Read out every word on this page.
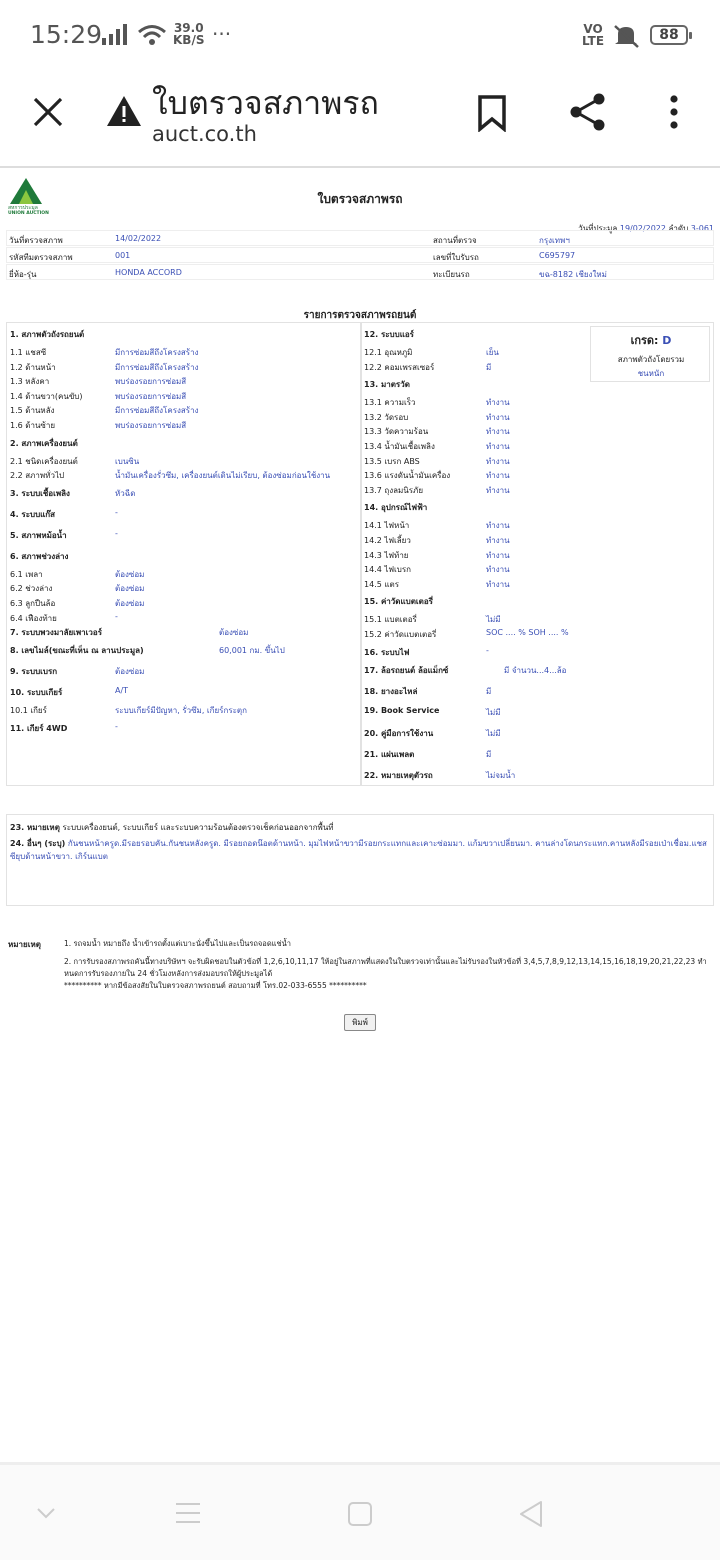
15:29	39.0
KB/S ···	VO
LTE	88
ใบตรวจสภาพรถ
auct.co.th
สหการประมูล
UNION AUCTION
ใบตรวจสภาพรถ
วันที่ประมูล 19/02/2022 ลำดับ 3-061
รายการตรวจสภาพรถยนต์
เกรด: D
สภาพตัวถังโดยรวม
ชนหนัก
23. หมายเหตุ ระบบเครื่องยนต์, ระบบเกียร์ และระบบความร้อนต้องตรวจเช็คก่อนออกจากพื้นที่
24. อื่นๆ (ระบุ) กันชนหน้าครูด.มีรอยรอบคัน.กันชนหลังครูด. มีรอยถอดน๊อตด้านหน้า. มุมไฟหน้าขวามีรอยกระแทกและเคาะซ่อมมา. แก้มขวาเปลี่ยนมา. คานล่างโดนกระแทก.คานหลังมีรอยเป่าเชื่อม.แชสซียุบด้านหน้าขวา. เกิร์นแบต
หมายเหตุ	1. รถจมน้ำ หมายถึง น้ำเข้ารถตั้งแต่เบาะนั่งขึ้นไปและเป็นรถจอดแช่น้ำ
2. การรับรองสภาพรถคันนี้ทางบริษัทฯ จะรับผิดชอบในตัวข้อที่ 1,2,6,10,11,17 ให้อยู่ในสภาพที่แสดงในใบตรวจเท่านั้นและไม่รับรองในหัวข้อที่ 3,4,5,7,8,9,12,13,14,15,16,18,19,20,21,22,23 ทำหนดการรับรองภายใน 24 ชั่วโมงหลังการส่งมอบรถให้ผู้ประมูลได้
********** หากมีข้อสงสัยในใบตรวจสภาพรถยนต์ สอบถามที่ โทร.02-033-6555 **********
พิมพ์
วันที่ตรวจสภาพ	14/02/2022	สถานที่ตรวจ	กรุงเทพฯ
รหัสทีมตรวจสภาพ	001	เลขที่ใบรับรถ	C695797
ยี่ห้อ-รุ่น	HONDA ACCORD	ทะเบียนรถ	ขฉ-8182 เชียงใหม่
1. สภาพตัวถังรถยนต์
1.1 แชสซี	มีการซ่อมสีถึงโครงสร้าง
1.2 ด้านหน้า	มีการซ่อมสีถึงโครงสร้าง
1.3 หลังคา	พบร่องรอยการซ่อมสี
1.4 ด้านขวา(คนขับ)	พบร่องรอยการซ่อมสี
1.5 ด้านหลัง	มีการซ่อมสีถึงโครงสร้าง
1.6 ด้านซ้าย	พบร่องรอยการซ่อมสี
2. สภาพเครื่องยนต์
2.1 ชนิดเครื่องยนต์	เบนซิน
2.2 สภาพทั่วไป	น้ำมันเครื่องรั่วซึม, เครื่องยนต์เดินไม่เรียบ, ต้องซ่อมก่อนใช้งาน
3. ระบบเชื้อเพลิง	หัวฉีด
4. ระบบแก๊ส	-
5. สภาพหม้อน้ำ	-
6. สภาพช่วงล่าง
6.1 เพลา	ต้องซ่อม
6.2 ช่วงล่าง	ต้องซ่อม
6.3 ลูกปืนล้อ	ต้องซ่อม
6.4 เฟืองท้าย	-
7. ระบบพวงมาลัยเพาเวอร์	ต้องซ่อม
8. เลขไมล์(ขณะที่เห็น ณ ลานประมูล)	60,001 กม. ขึ้นไป
9. ระบบเบรก	ต้องซ่อม
10. ระบบเกียร์	A/T
10.1 เกียร์	ระบบเกียร์มีปัญหา, รั่วซึม, เกียร์กระตุก
11. เกียร์ 4WD	-
12. ระบบแอร์
12.1 อุณหภูมิ	เย็น
12.2 คอมเพรสเซอร์	มี
13. มาตรวัด
13.1 ความเร็ว	ทำงาน
13.2 วัดรอบ	ทำงาน
13.3 วัดความร้อน	ทำงาน
13.4 น้ำมันเชื้อเพลิง	ทำงาน
13.5 เบรก ABS	ทำงาน
13.6 แรงดันน้ำมันเครื่อง	ทำงาน
13.7 ถุงลมนิรภัย	ทำงาน
14. อุปกรณ์ไฟฟ้า
14.1 ไฟหน้า	ทำงาน
14.2 ไฟเลี้ยว	ทำงาน
14.3 ไฟท้าย	ทำงาน
14.4 ไฟเบรก	ทำงาน
14.5 แตร	ทำงาน
15. ค่าวัดแบตเตอรี่
15.1 แบตเตอรี่	ไม่มี
15.2 ค่าวัดแบตเตอรี่	SOC .... % SOH .... %
16. ระบบไฟ	-
17. ล้อรถยนต์ ล้อแม็กซ์	มี จำนวน...4...ล้อ
18. ยางอะไหล่	มี
19. Book Service	ไม่มี
20. คู่มือการใช้งาน	ไม่มี
21. แผ่นเพลต	มี
22. หมายเหตุตัวรถ	ไม่จมน้ำ
